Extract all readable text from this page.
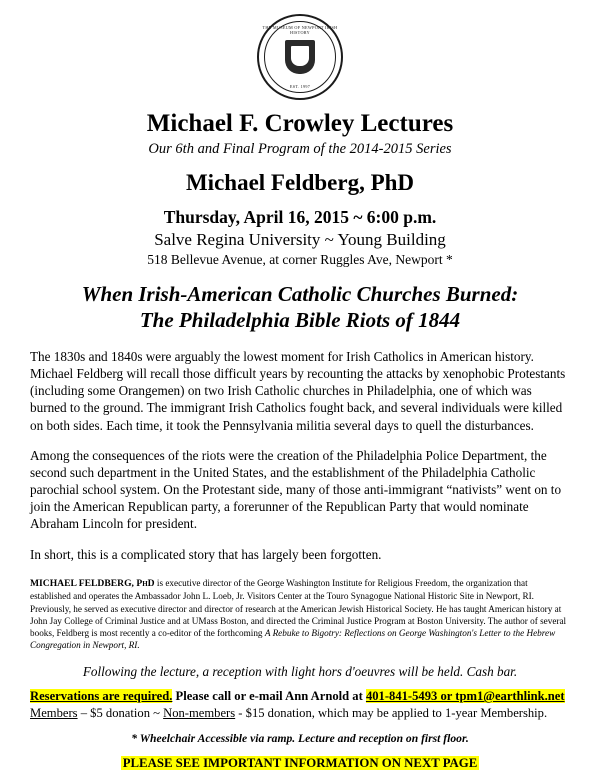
THE MUSEUM OF NEWPORT IRISH HISTORY
EST. 1997
Michael F. Crowley Lectures
Our 6th and Final Program of the 2014-2015 Series
Michael Feldberg, PhD
Thursday, April 16, 2015 ~ 6:00 p.m.
Salve Regina University ~ Young Building
518 Bellevue Avenue, at corner Ruggles Ave, Newport *
When Irish-American Catholic Churches Burned:
The Philadelphia Bible Riots of 1844
The 1830s and 1840s were arguably the lowest moment for Irish Catholics in American history. Michael Feldberg will recall those difficult years by recounting the attacks by xenophobic Protestants (including some Orangemen) on two Irish Catholic churches in Philadelphia, one of which was burned to the ground. The immigrant Irish Catholics fought back, and several individuals were killed on both sides. Each time, it took the Pennsylvania militia several days to quell the disturbances.
Among the consequences of the riots were the creation of the Philadelphia Police Department, the second such department in the United States, and the establishment of the Philadelphia Catholic parochial school system. On the Protestant side, many of those anti-immigrant “nativists” went on to join the American Republican party, a forerunner of the Republican Party that would nominate Abraham Lincoln for president.
In short, this is a complicated story that has largely been forgotten.
MICHAEL FELDBERG, PhD is executive director of the George Washington Institute for Religious Freedom, the organization that established and operates the Ambassador John L. Loeb, Jr. Visitors Center at the Touro Synagogue National Historic Site in Newport, RI. Previously, he served as executive director and director of research at the American Jewish Historical Society. He has taught American history at John Jay College of Criminal Justice and at UMass Boston, and directed the Criminal Justice Program at Boston University. The author of several books, Feldberg is most recently a co-editor of the forthcoming A Rebuke to Bigotry: Reflections on George Washington's Letter to the Hebrew Congregation in Newport, RI.
Following the lecture, a reception with light hors d'oeuvres will be held. Cash bar.
Reservations are required. Please call or e-mail Ann Arnold at 401-841-5493 or tpm1@earthlink.net
Members – $5 donation ~ Non-members - $15 donation, which may be applied to 1-year Membership.
* Wheelchair Accessible via ramp. Lecture and reception on first floor.
PLEASE SEE IMPORTANT INFORMATION ON NEXT PAGE
